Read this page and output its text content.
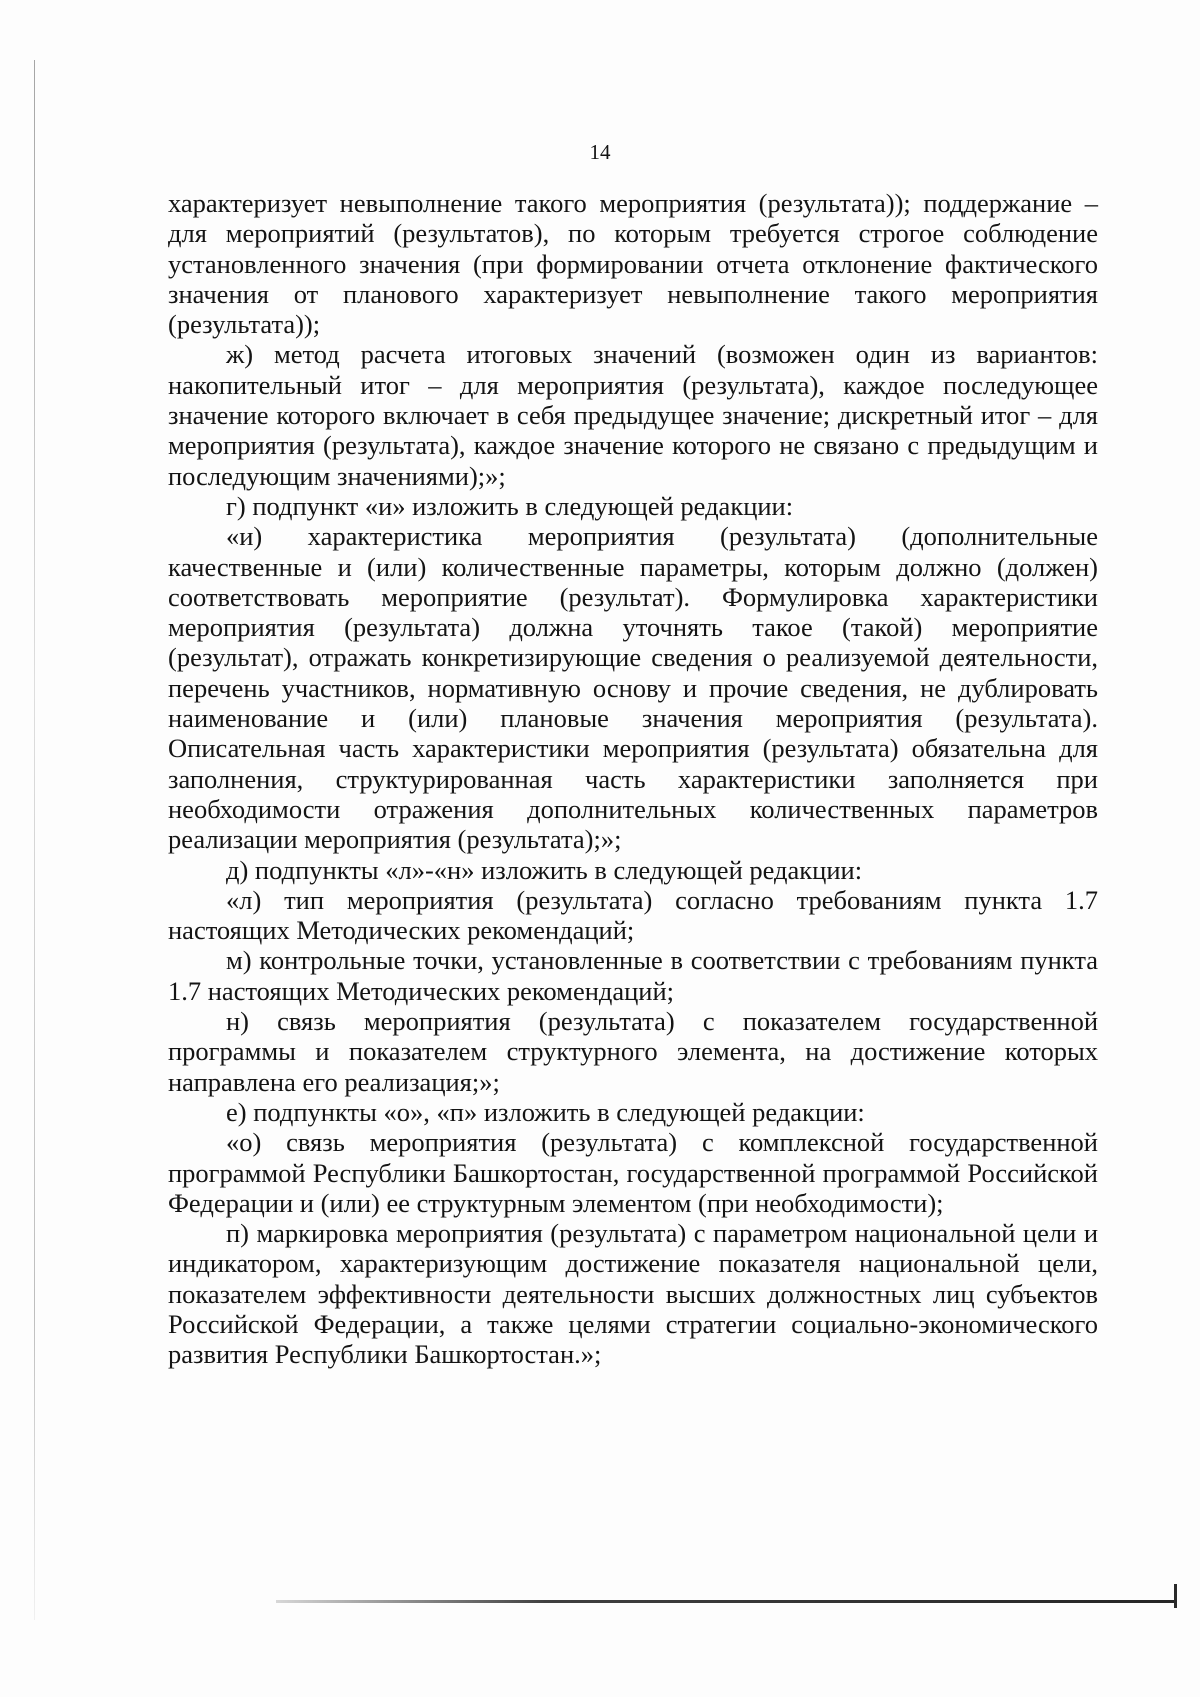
14

характеризует невыполнение такого мероприятия (результата)); поддержание – для мероприятий (результатов), по которым требуется строгое соблюдение установленного значения (при формировании отчета отклонение фактического значения от планового характеризует невыполнение такого мероприятия (результата));

ж) метод расчета итоговых значений (возможен один из вариантов: накопительный итог – для мероприятия (результата), каждое последующее значение которого включает в себя предыдущее значение; дискретный итог – для мероприятия (результата), каждое значение которого не связано с предыдущим и последующим значениями);»;

г) подпункт «и» изложить в следующей редакции:

«и) характеристика мероприятия (результата) (дополнительные качественные и (или) количественные параметры, которым должно (должен) соответствовать мероприятие (результат). Формулировка характеристики мероприятия (результата) должна уточнять такое (такой) мероприятие (результат), отражать конкретизирующие сведения о реализуемой деятельности, перечень участников, нормативную основу и прочие сведения, не дублировать наименование и (или) плановые значения мероприятия (результата). Описательная часть характеристики мероприятия (результата) обязательна для заполнения, структурированная часть характеристики заполняется при необходимости отражения дополнительных количественных параметров реализации мероприятия (результата);»;

д) подпункты «л»-«н» изложить в следующей редакции:

«л) тип мероприятия (результата) согласно требованиям пункта 1.7 настоящих Методических рекомендаций;

м) контрольные точки, установленные в соответствии с требованиям пункта 1.7 настоящих Методических рекомендаций;

н) связь мероприятия (результата) с показателем государственной программы и показателем структурного элемента, на достижение которых направлена его реализация;»;

е) подпункты «о», «п» изложить в следующей редакции:

«о) связь мероприятия (результата) с комплексной государственной программой Республики Башкортостан, государственной программой Российской Федерации и (или) ее структурным элементом (при необходимости);

п) маркировка мероприятия (результата) с параметром национальной цели и индикатором, характеризующим достижение показателя национальной цели, показателем эффективности деятельности высших должностных лиц субъектов Российской Федерации, а также целями стратегии социально-экономического развития Республики Башкортостан.»;
